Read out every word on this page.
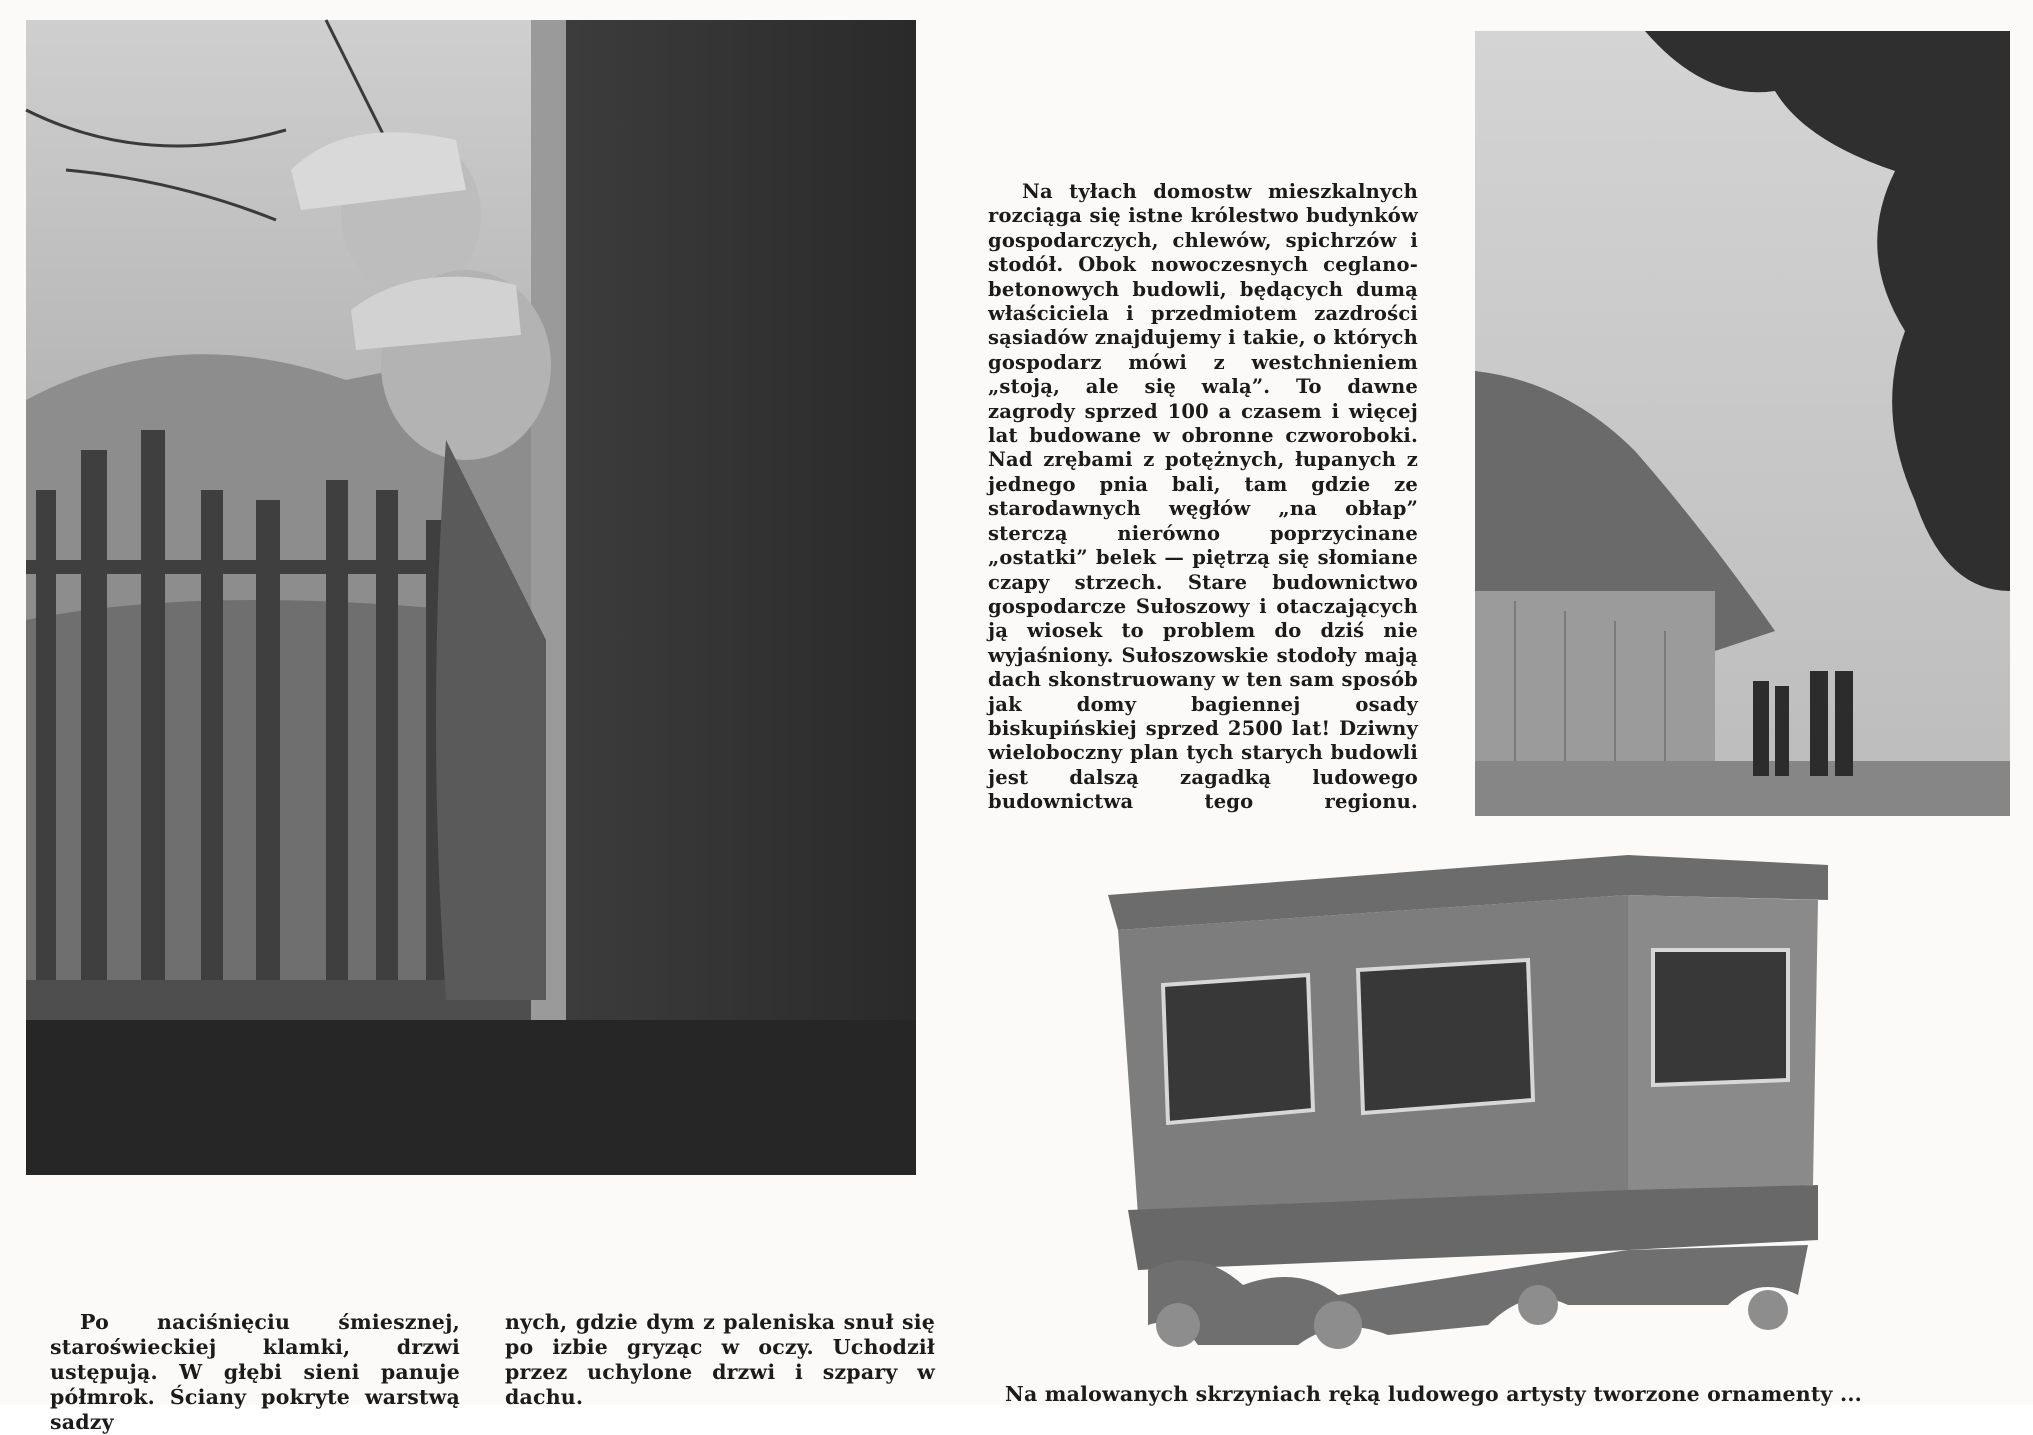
Na tyłach domostw mieszkalnych rozciąga się istne królestwo budynków gospodarczych, chlewów, spichrzów i stodół. Obok nowoczesnych ceglano-betonowych budowli, będących dumą właściciela i przedmiotem zazdrości sąsiadów znajdujemy i takie, o których gospodarz mówi z westchnieniem „stoją, ale się walą”. To dawne zagrody sprzed 100 a czasem i więcej lat budowane w obronne czworoboki. Nad zrębami z potężnych, łupanych z jednego pnia bali, tam gdzie ze starodawnych węgłów „na obłap” sterczą nierówno poprzycinane „ostatki” belek — piętrzą się słomiane czapy strzech. Stare budownictwo gospodarcze Sułoszowy i otaczających ją wiosek to problem do dziś nie wyjaśniony. Sułoszowskie stodoły mają dach skonstruowany w ten sam sposób jak domy bagiennej osady biskupińskiej sprzed 2500 lat! Dziwny wieloboczny plan tych starych budowli jest dalszą zagadką ludowego budownictwa tego regionu.

Po naciśnięciu śmiesznej, staroświeckiej klamki, drzwi ustępują. W głębi sieni panuje półmrok. Ściany pokryte warstwą sadzy

nych, gdzie dym z paleniska snuł się po izbie gryząc w oczy. Uchodził przez uchylone drzwi i szpary w dachu.	Na malowanych skrzyniach ręką ludowego artysty tworzone ornamenty ...
